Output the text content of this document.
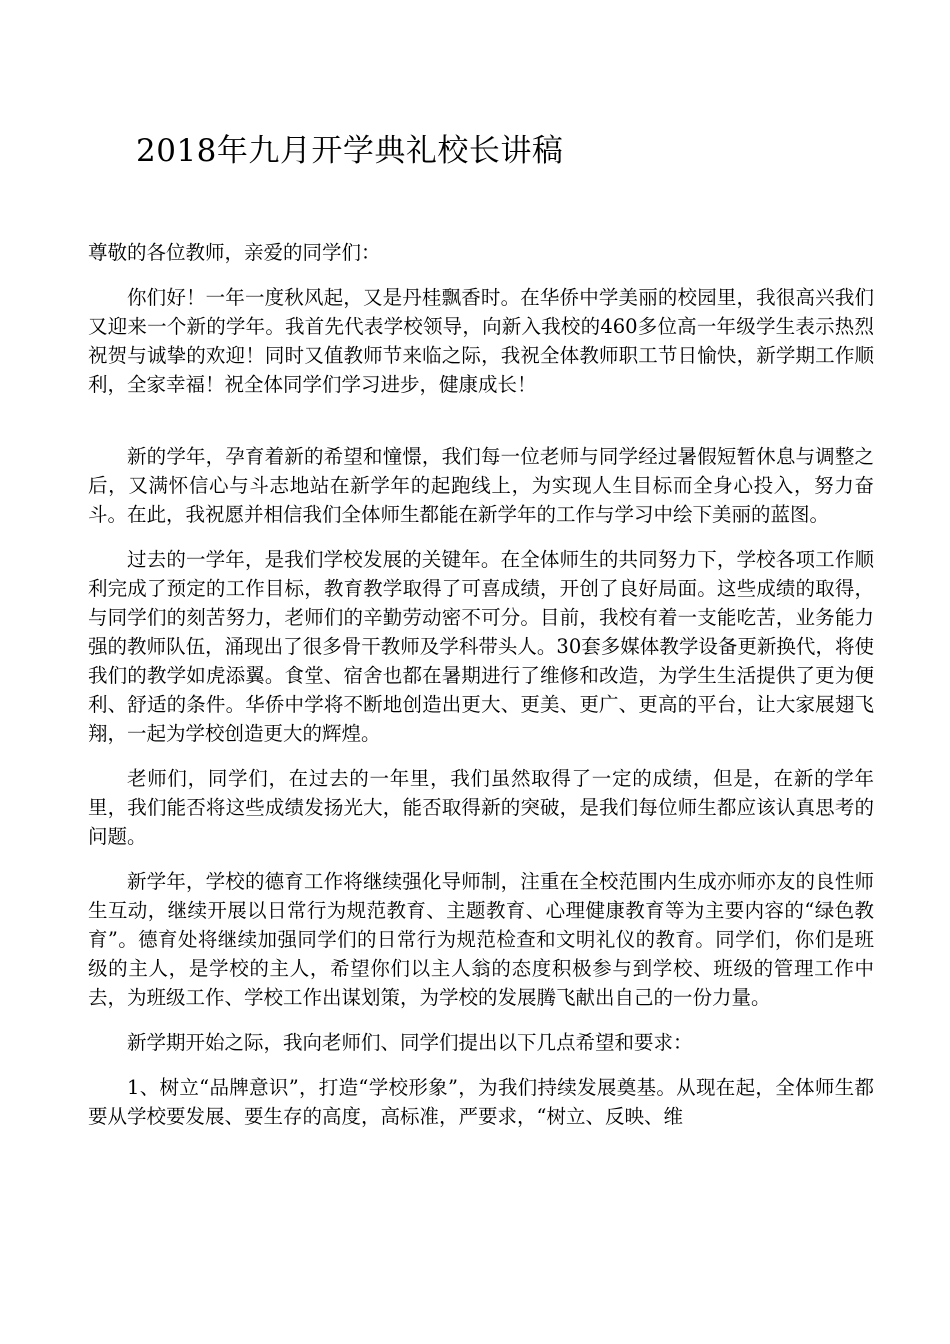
2018年九月开学典礼校长讲稿

尊敬的各位教师，亲爱的同学们：

你们好！一年一度秋风起，又是丹桂飘香时。在华侨中学美丽的校园里，我很高兴我们又迎来一个新的学年。我首先代表学校领导，向新入我校的460多位高一年级学生表示热烈祝贺与诚挚的欢迎！同时又值教师节来临之际，我祝全体教师职工节日愉快，新学期工作顺利，全家幸福！祝全体同学们学习进步，健康成长！

新的学年，孕育着新的希望和憧憬，我们每一位老师与同学经过暑假短暂休息与调整之后，又满怀信心与斗志地站在新学年的起跑线上，为实现人生目标而全身心投入，努力奋斗。在此，我祝愿并相信我们全体师生都能在新学年的工作与学习中绘下美丽的蓝图。

过去的一学年，是我们学校发展的关键年。在全体师生的共同努力下，学校各项工作顺利完成了预定的工作目标，教育教学取得了可喜成绩，开创了良好局面。这些成绩的取得，与同学们的刻苦努力，老师们的辛勤劳动密不可分。目前，我校有着一支能吃苦，业务能力强的教师队伍，涌现出了很多骨干教师及学科带头人。30套多媒体教学设备更新换代，将使我们的教学如虎添翼。食堂、宿舍也都在暑期进行了维修和改造，为学生生活提供了更为便利、舒适的条件。华侨中学将不断地创造出更大、更美、更广、更高的平台，让大家展翅飞翔，一起为学校创造更大的辉煌。

老师们，同学们，在过去的一年里，我们虽然取得了一定的成绩，但是，在新的学年里，我们能否将这些成绩发扬光大，能否取得新的突破，是我们每位师生都应该认真思考的问题。

新学年，学校的德育工作将继续强化导师制，注重在全校范围内生成亦师亦友的良性师生互动，继续开展以日常行为规范教育、主题教育、心理健康教育等为主要内容的“绿色教育”。德育处将继续加强同学们的日常行为规范检查和文明礼仪的教育。同学们，你们是班级的主人，是学校的主人，希望你们以主人翁的态度积极参与到学校、班级的管理工作中去，为班级工作、学校工作出谋划策，为学校的发展腾飞献出自己的一份力量。

新学期开始之际，我向老师们、同学们提出以下几点希望和要求：

1、树立“品牌意识”，打造“学校形象”，为我们持续发展奠基。从现在起，全体师生都要从学校要发展、要生存的高度，高标准，严要求，“树立、反映、维
